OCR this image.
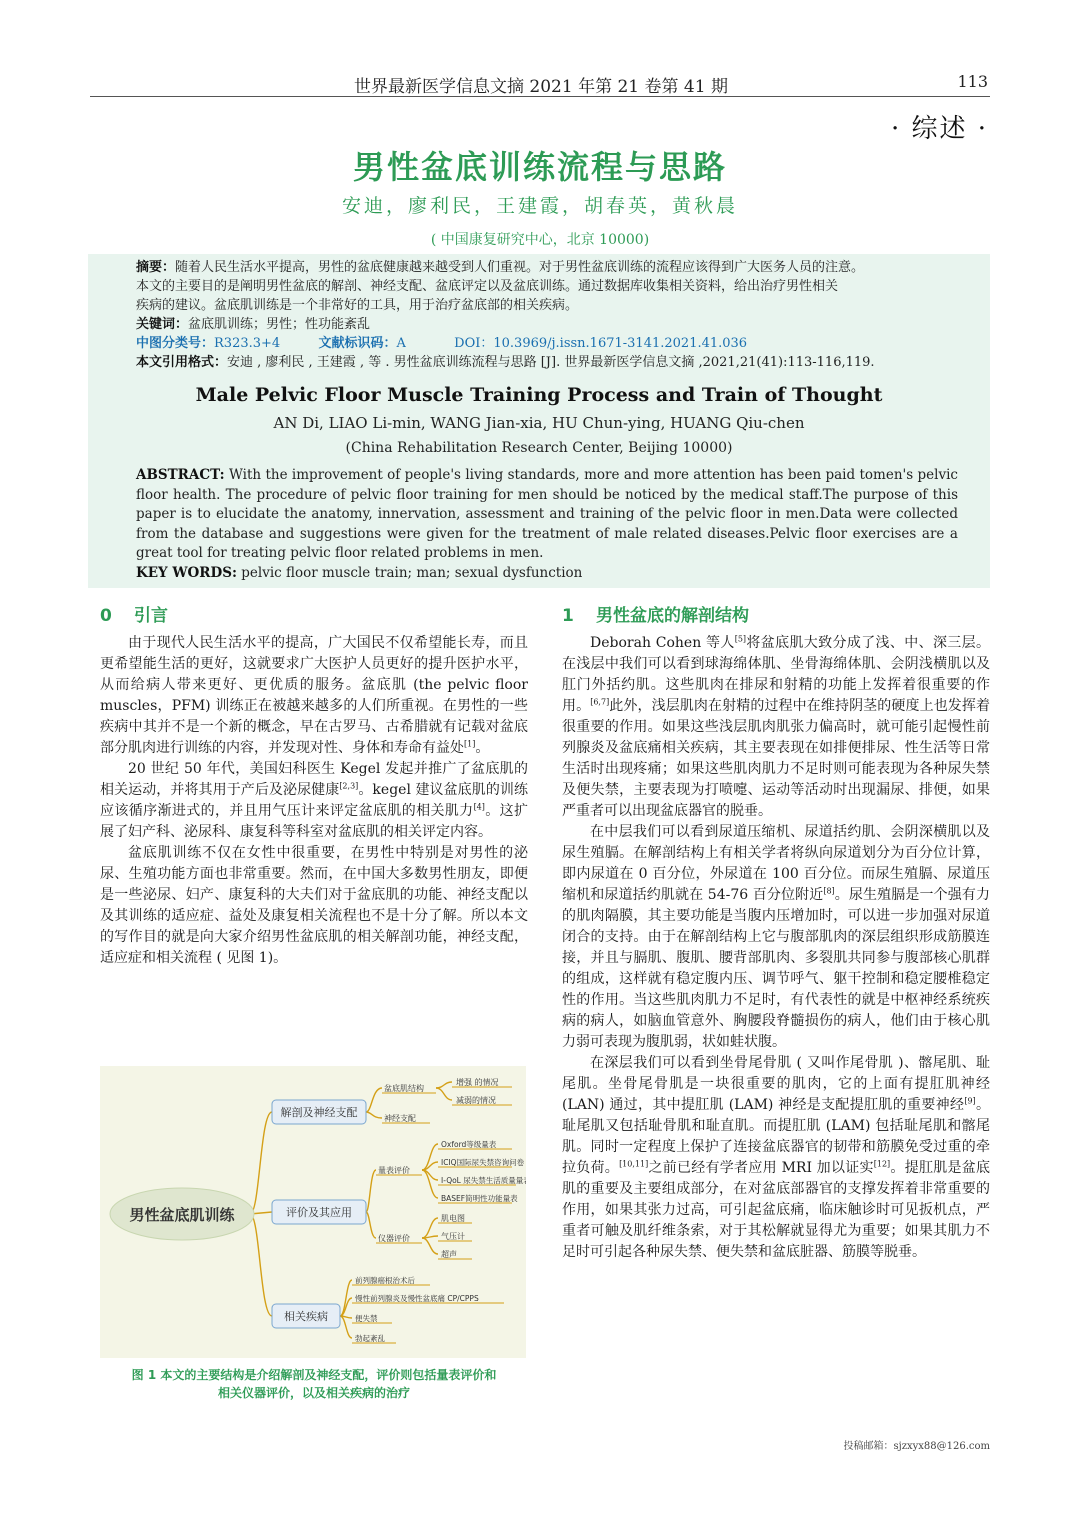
世界最新医学信息文摘 2021 年第 21 卷第 41 期	113
· 综述 ·
男性盆底训练流程与思路
安迪，廖利民，王建霞，胡春英，黄秋晨
( 中国康复研究中心，北京 10000)
摘要：随着人民生活水平提高，男性的盆底健康越来越受到人们重视。对于男性盆底训练的流程应该得到广大医务人员的注意。
本文的主要目的是阐明男性盆底的解剖、神经支配、盆底评定以及盆底训练。通过数据库收集相关资料，给出治疗男性相关
疾病的建议。盆底肌训练是一个非常好的工具，用于治疗盆底部的相关疾病。
关键词：盆底肌训练；男性；性功能紊乱
中图分类号：R323.3+4	文献标识码：A	DOI：10.3969/j.issn.1671-3141.2021.41.036
本文引用格式：安迪 , 廖利民 , 王建霞 , 等 . 男性盆底训练流程与思路 [J]. 世界最新医学信息文摘 ,2021,21(41):113-116,119.
Male Pelvic Floor Muscle Training Process and Train of Thought
AN Di, LIAO Li-min, WANG Jian-xia, HU Chun-ying, HUANG Qiu-chen
(China Rehabilitation Research Center, Beijing 10000)
ABSTRACT: With the improvement of people's living standards, more and more attention has been paid tomen's pelvic floor health. The procedure of pelvic floor training for men should be noticed by the medical staff.The purpose of this paper is to elucidate the anatomy, innervation, assessment and training of the pelvic floor in men.Data were collected from the database and suggestions were given for the treatment of male related diseases.Pelvic floor exercises are a great tool for treating pelvic floor related problems in men.
KEY WORDS: pelvic floor muscle train; man; sexual dysfunction
0 引言

由于现代人民生活水平的提高，广大国民不仅希望能长寿，而且更希望能生活的更好，这就要求广大医护人员更好的提升医护水平，从而给病人带来更好、更优质的服务。盆底肌 (the pelvic floor muscles，PFM) 训练正在被越来越多的人们所重视。在男性的一些疾病中其并不是一个新的概念，早在古罗马、古希腊就有记载对盆底部分肌肉进行训练的内容，并发现对性、身体和寿命有益处[1]。

20 世纪 50 年代，美国妇科医生 Kegel 发起并推广了盆底肌的相关运动，并将其用于产后及泌尿健康[2,3]。kegel 建议盆底肌的训练应该循序渐进式的，并且用气压计来评定盆底肌的相关肌力[4]。这扩展了妇产科、泌尿科、康复科等科室对盆底肌的相关评定内容。

盆底肌训练不仅在女性中很重要，在男性中特别是对男性的泌尿、生殖功能方面也非常重要。然而，在中国大多数男性朋友，即便是一些泌尿、妇产、康复科的大夫们对于盆底肌的功能、神经支配以及其训练的适应症、益处及康复相关流程也不是十分了解。所以本文的写作目的就是向大家介绍男性盆底肌的相关解剖功能，神经支配，适应症和相关流程 ( 见图 1)。

男性盆底肌训练
解剖及神经支配
盆底肌结构
神经支配
增强 的情况
减弱的情况
评价及其应用
量表评价
仪器评价
Oxford等级量表
ICIQ国际尿失禁咨询问卷
I-QoL 尿失禁生活质量量表
BASEF简明性功能量表
肌电图
气压计
超声
相关疾病
前列腺癌根治术后
慢性前列腺炎及慢性盆底痛 CP/CPPS
便失禁
勃起紊乱
图 1 本文的主要结构是介绍解剖及神经支配，评价则包括量表评价和
相关仪器评价，以及相关疾病的治疗
1 男性盆底的解剖结构

Deborah Cohen 等人[5]将盆底肌大致分成了浅、中、深三层。在浅层中我们可以看到球海绵体肌、坐骨海绵体肌、会阴浅横肌以及肛门外括约肌。这些肌肉在排尿和射精的功能上发挥着很重要的作用。[6,7]此外，浅层肌肉在射精的过程中在维持阴茎的硬度上也发挥着很重要的作用。如果这些浅层肌肉肌张力偏高时，就可能引起慢性前列腺炎及盆底痛相关疾病，其主要表现在如排便排尿、性生活等日常生活时出现疼痛；如果这些肌肉肌力不足时则可能表现为各种尿失禁及便失禁，主要表现为打喷嚏、运动等活动时出现漏尿、排便，如果严重者可以出现盆底器官的脱垂。

在中层我们可以看到尿道压缩机、尿道括约肌、会阴深横肌以及尿生殖膈。在解剖结构上有相关学者将纵向尿道划分为百分位计算，即内尿道在 0 百分位，外尿道在 100 百分位。而尿生殖膈、尿道压缩机和尿道括约肌就在 54-76 百分位附近[8]。尿生殖膈是一个强有力的肌肉隔膜，其主要功能是当腹内压增加时，可以进一步加强对尿道闭合的支持。由于在解剖结构上它与腹部肌肉的深层组织形成筋膜连接，并且与膈肌、腹肌、腰背部肌肉、多裂肌共同参与腹部核心肌群的组成，这样就有稳定腹内压、调节呼气、躯干控制和稳定腰椎稳定性的作用。当这些肌肉肌力不足时，有代表性的就是中枢神经系统疾病的病人，如脑血管意外、胸腰段脊髓损伤的病人，他们由于核心肌力弱可表现为腹肌弱，状如蛙状腹。

在深层我们可以看到坐骨尾骨肌 ( 又叫作尾骨肌 )、髂尾肌、耻尾肌。坐骨尾骨肌是一块很重要的肌肉，它的上面有提肛肌神经 (LAN) 通过，其中提肛肌 (LAM) 神经是支配提肛肌的重要神经[9]。 耻尾肌又包括耻骨肌和耻直肌。而提肛肌 (LAM) 包括耻尾肌和髂尾肌。同时一定程度上保护了连接盆底器官的韧带和筋膜免受过重的牵拉负荷。[10,11]之前已经有学者应用 MRI 加以证实[12]。提肛肌是盆底肌的重要及主要组成部分，在对盆底部器官的支撑发挥着非常重要的作用，如果其张力过高，可引起盆底痛，临床触诊时可见扳机点，严重者可触及肌纤维条索，对于其松解就显得尤为重要；如果其肌力不足时可引起各种尿失禁、便失禁和盆底脏器、筋膜等脱垂。

投稿邮箱：sjzxyx88@126.com
